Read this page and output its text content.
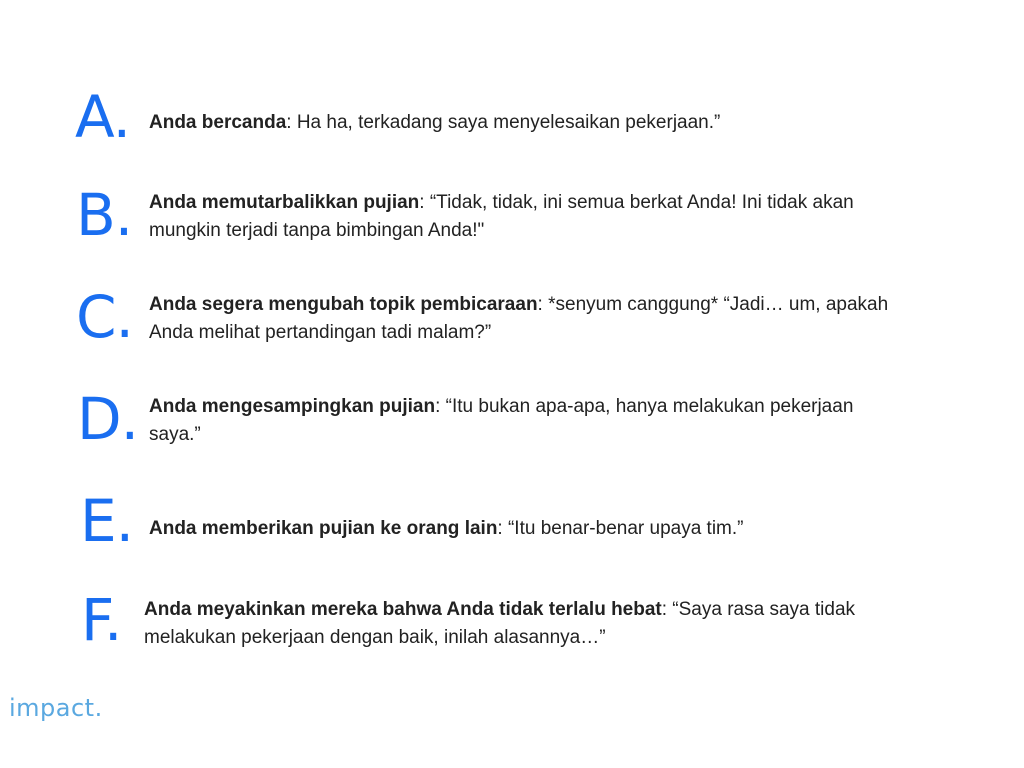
A. Anda bercanda: Ha ha, terkadang saya menyelesaikan pekerjaan.”
B. Anda memutarbalikkan pujian: “Tidak, tidak, ini semua berkat Anda! Ini tidak akan mungkin terjadi tanpa bimbingan Anda!"
C. Anda segera mengubah topik pembicaraan: *senyum canggung* “Jadi… um, apakah Anda melihat pertandingan tadi malam?”
D. Anda mengesampingkan pujian: “Itu bukan apa-apa, hanya melakukan pekerjaan saya.”
E. Anda memberikan pujian ke orang lain: “Itu benar-benar upaya tim.”
F. Anda meyakinkan mereka bahwa Anda tidak terlalu hebat: “Saya rasa saya tidak melakukan pekerjaan dengan baik, inilah alasannya…”
impact.
